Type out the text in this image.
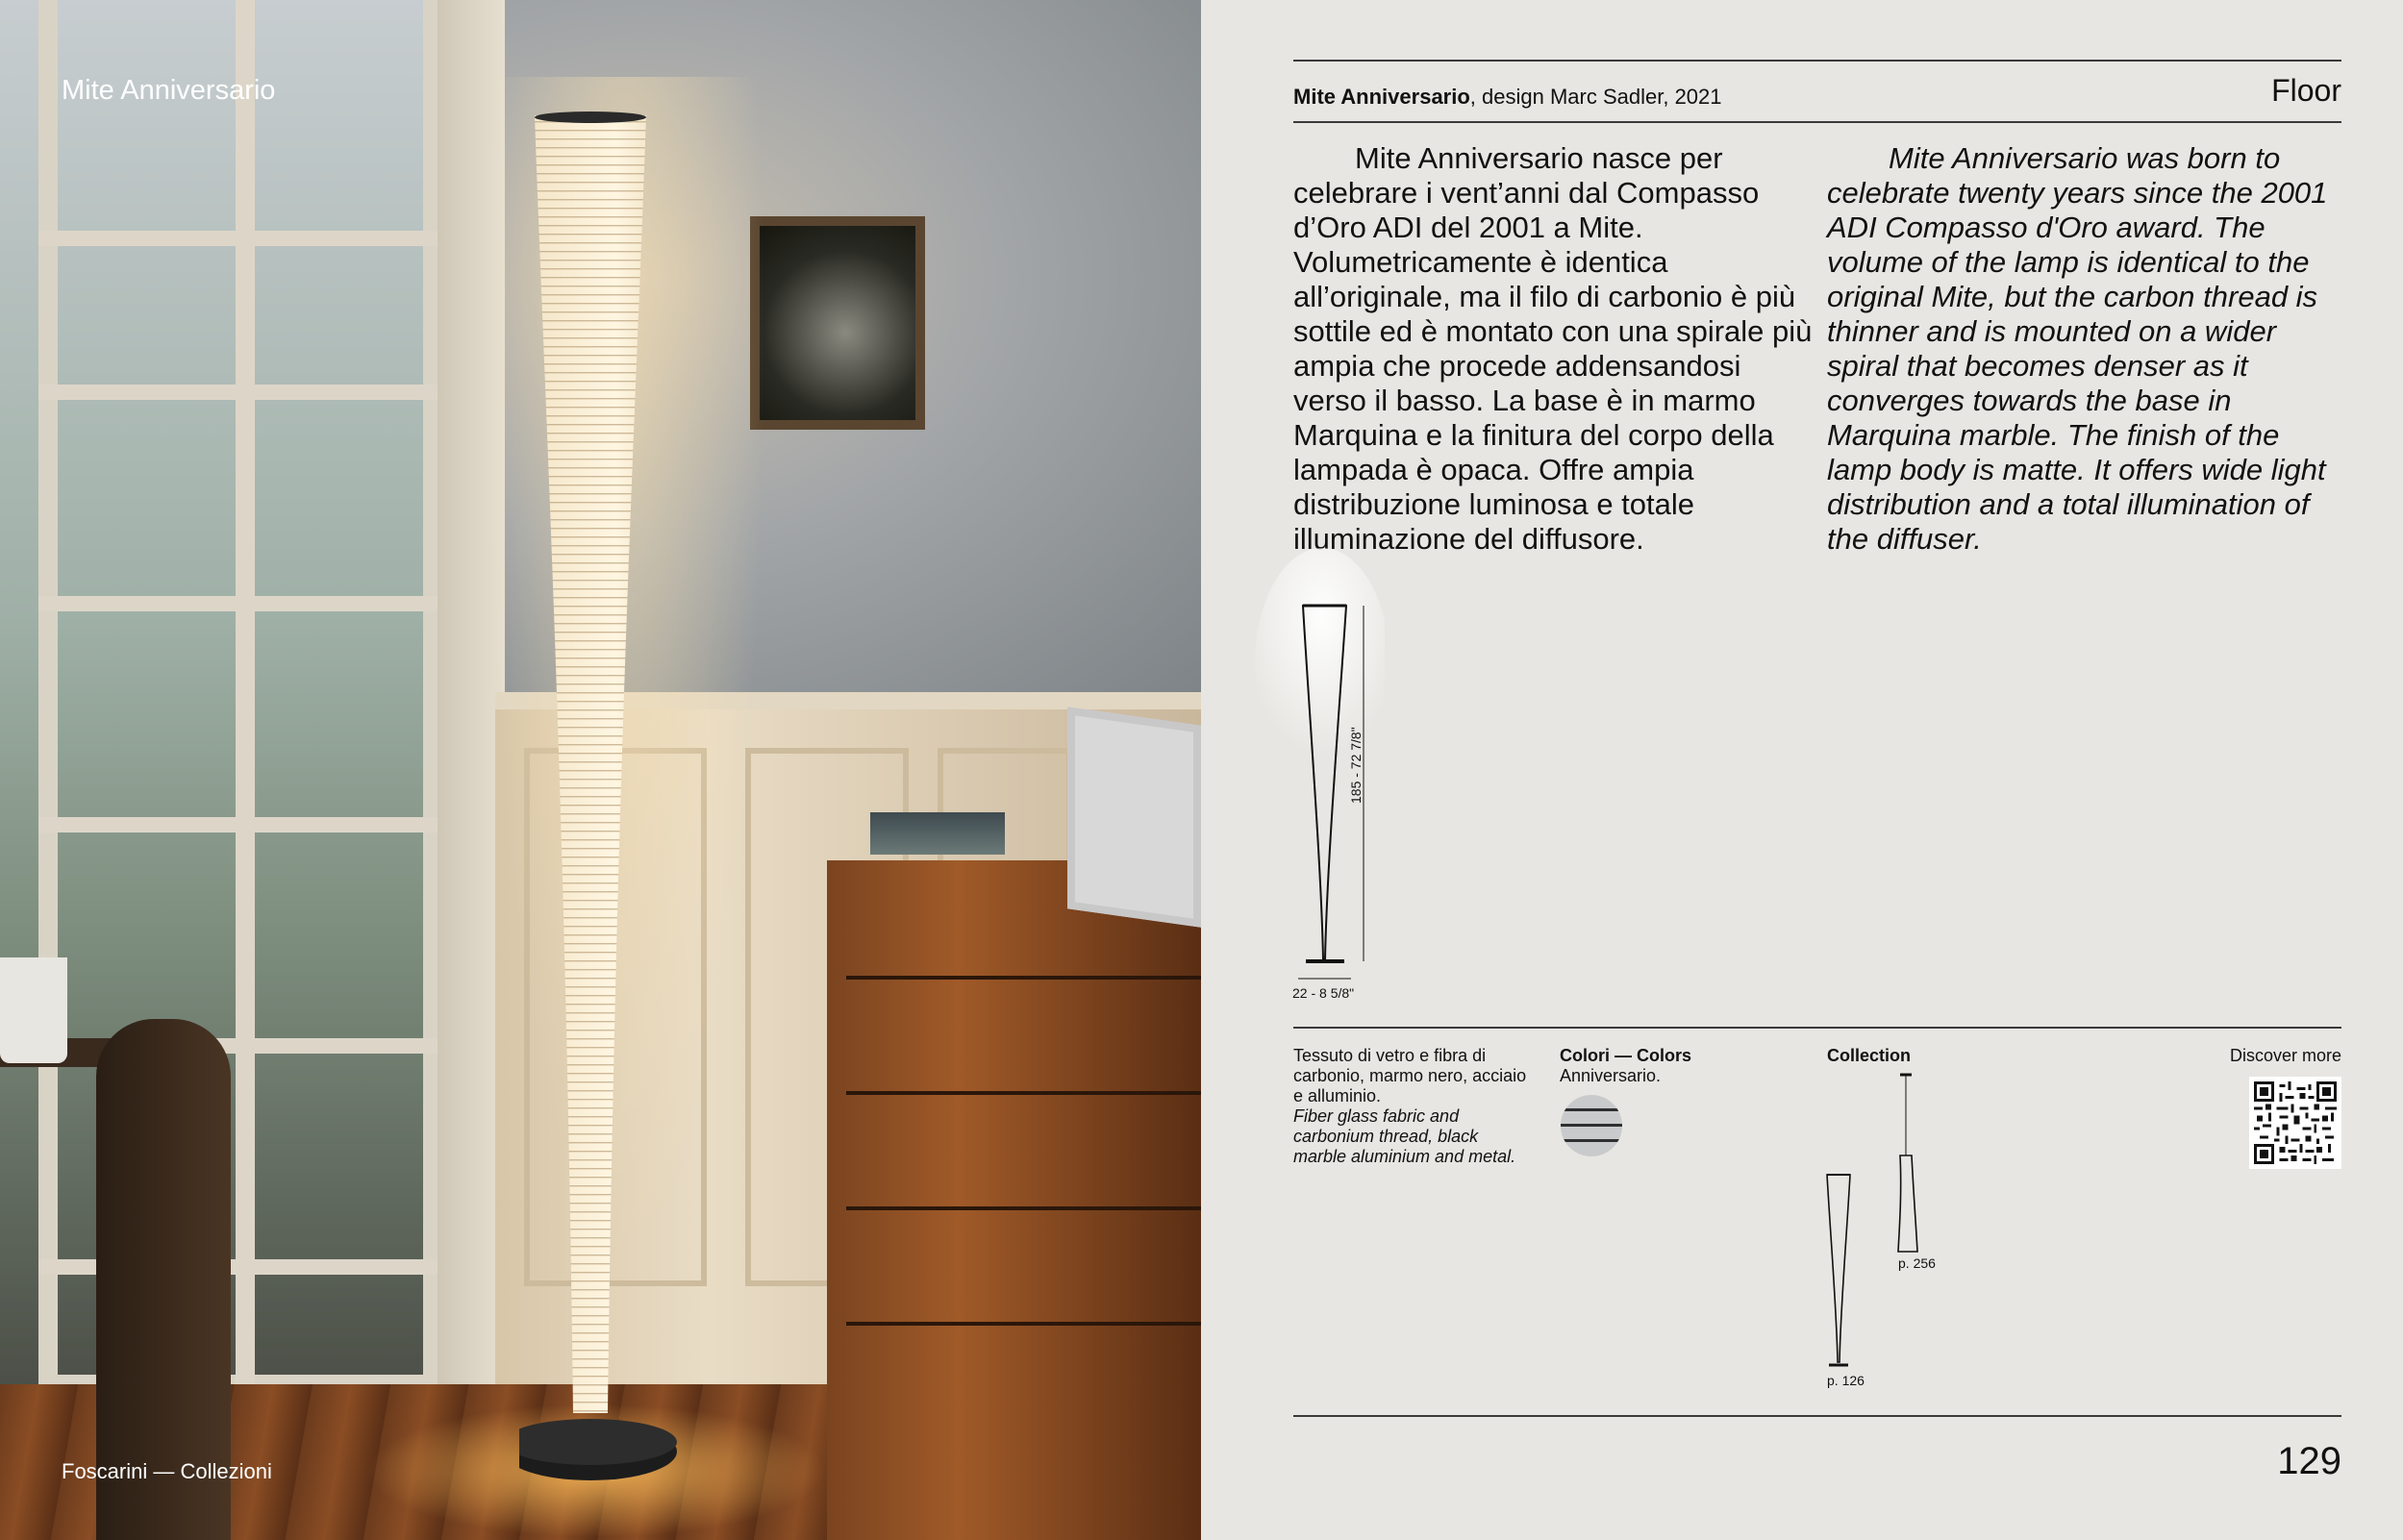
Mite Anniversario
Foscarini — Collezioni
Mite Anniversario, design Marc Sadler, 2021	Floor
Mite Anniversario nasce per celebrare i vent’anni dal Compasso d’Oro ADI del 2001 a Mite. Volumetricamente è identica all’originale, ma il filo di carbonio è più sottile ed è montato con una spirale più ampia che procede addensandosi verso il basso. La base è in marmo Marquina e la finitura del corpo della lampada è opaca. Offre ampia distribuzione luminosa e totale illuminazione del diffusore.
Mite Anniversario was born to celebrate twenty years since the 2001 ADI Compasso d'Oro award. The volume of the lamp is identical to the original Mite, but the carbon thread is thinner and is mounted on a wider spiral that becomes denser as it converges towards the base in Marquina marble. The finish of the lamp body is matte. It offers wide light distribution and a total illumination of the diffuser.
185 - 72 7/8"
22 - 8 5/8"
Tessuto di vetro e fibra di carbonio, marmo nero, acciaio e alluminio.
Fiber glass fabric and carbonium thread, black marble aluminium and metal.
Colori — Colors
Anniversario.
Collection
p. 256
p. 126
Discover more
129
